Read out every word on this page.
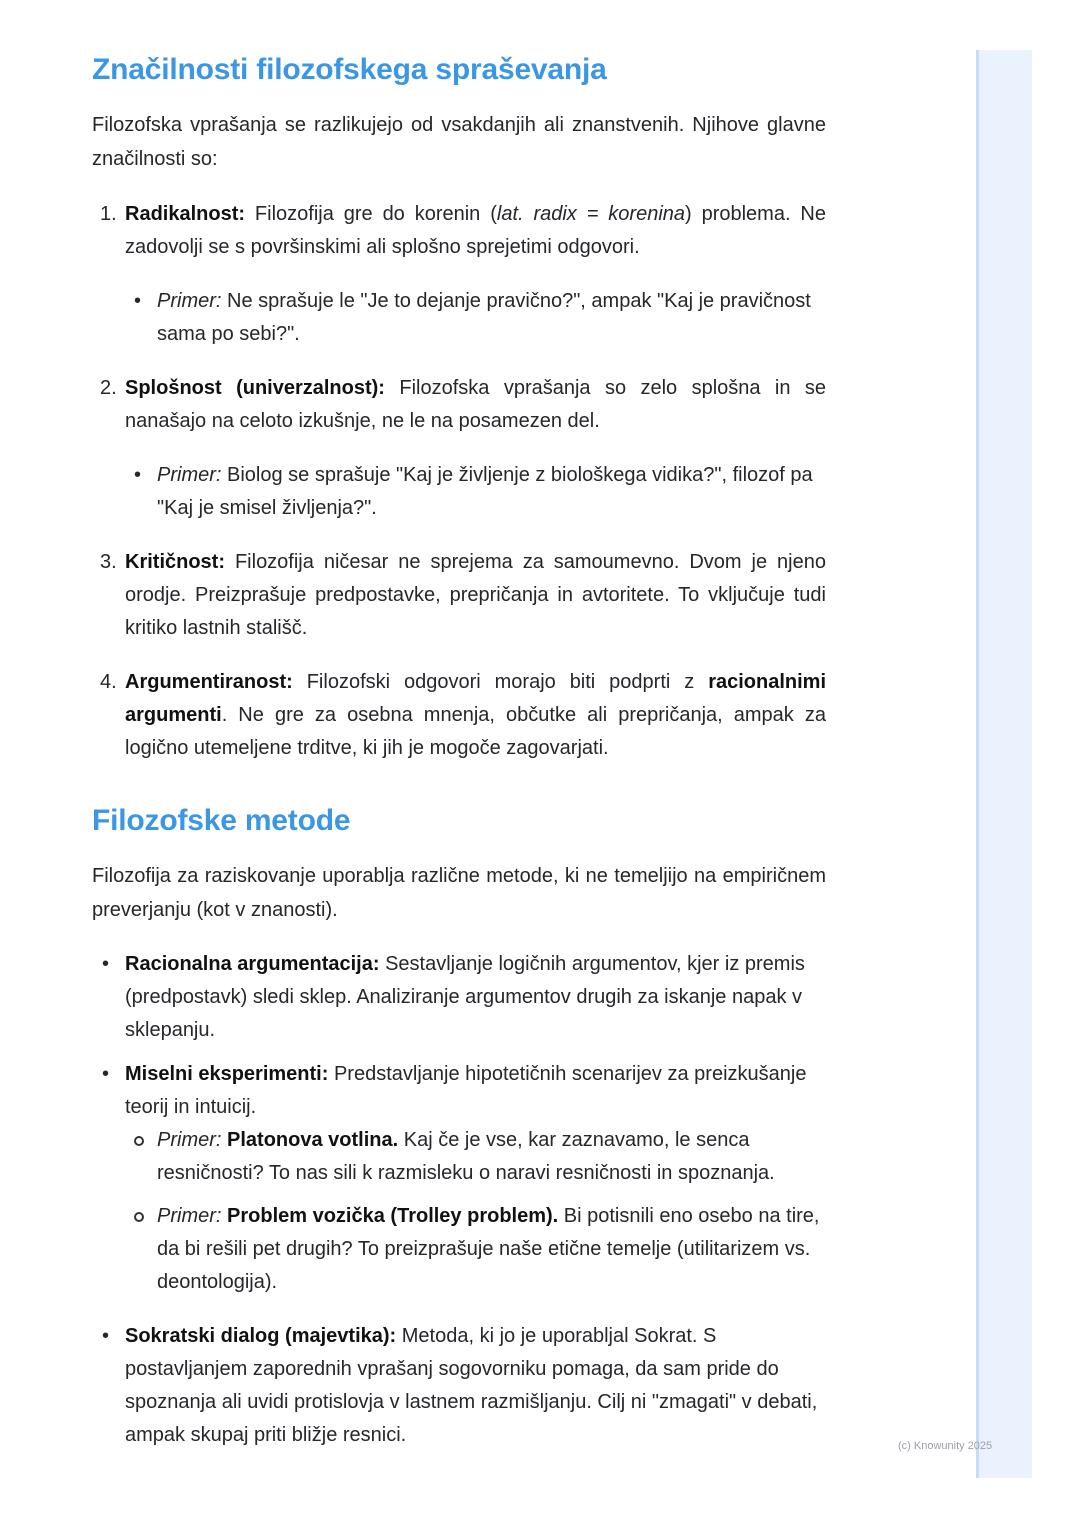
Značilnosti filozofskega spraševanja

Filozofska vprašanja se razlikujejo od vsakdanjih ali znanstvenih. Njihove glavne značilnosti so:

1. Radikalnost: Filozofija gre do korenin (lat. radix = korenina) problema. Ne zadovolji se s površinskimi ali splošno sprejetimi odgovori.
• Primer: Ne sprašuje le "Je to dejanje pravično?", ampak "Kaj je pravičnost sama po sebi?".
2. Splošnost (univerzalnost): Filozofska vprašanja so zelo splošna in se nanašajo na celoto izkušnje, ne le na posamezen del.
• Primer: Biolog se sprašuje "Kaj je življenje z biološkega vidika?", filozof pa "Kaj je smisel življenja?".
3. Kritičnost: Filozofija ničesar ne sprejema za samoumevno. Dvom je njeno orodje. Preizprašuje predpostavke, prepričanja in avtoritete. To vključuje tudi kritiko lastnih stališč.
4. Argumentiranost: Filozofski odgovori morajo biti podprti z racionalnimi argumenti. Ne gre za osebna mnenja, občutke ali prepričanja, ampak za logično utemeljene trditve, ki jih je mogoče zagovarjati.
Filozofske metode

Filozofija za raziskovanje uporablja različne metode, ki ne temeljijo na empiričnem preverjanju (kot v znanosti).

• Racionalna argumentacija: Sestavljanje logičnih argumentov, kjer iz premis (predpostavk) sledi sklep. Analiziranje argumentov drugih za iskanje napak v sklepanju.
• Miselni eksperimenti: Predstavljanje hipotetičnih scenarijev za preizkušanje teorij in intuicij.
Primer: Platonova votlina. Kaj če je vse, kar zaznavamo, le senca resničnosti? To nas sili k razmisleku o naravi resničnosti in spoznanja.
Primer: Problem vozička (Trolley problem). Bi potisnili eno osebo na tire, da bi rešili pet drugih? To preizprašuje naše etične temelje (utilitarizem vs. deontologija).
• Sokratski dialog (majevtika): Metoda, ki jo je uporabljal Sokrat. S postavljanjem zaporednih vprašanj sogovorniku pomaga, da sam pride do spoznanja ali uvidi protislovja v lastnem razmišljanju. Cilj ni "zmagati" v debati, ampak skupaj priti bližje resnici.	(c) Knowunity 2025
